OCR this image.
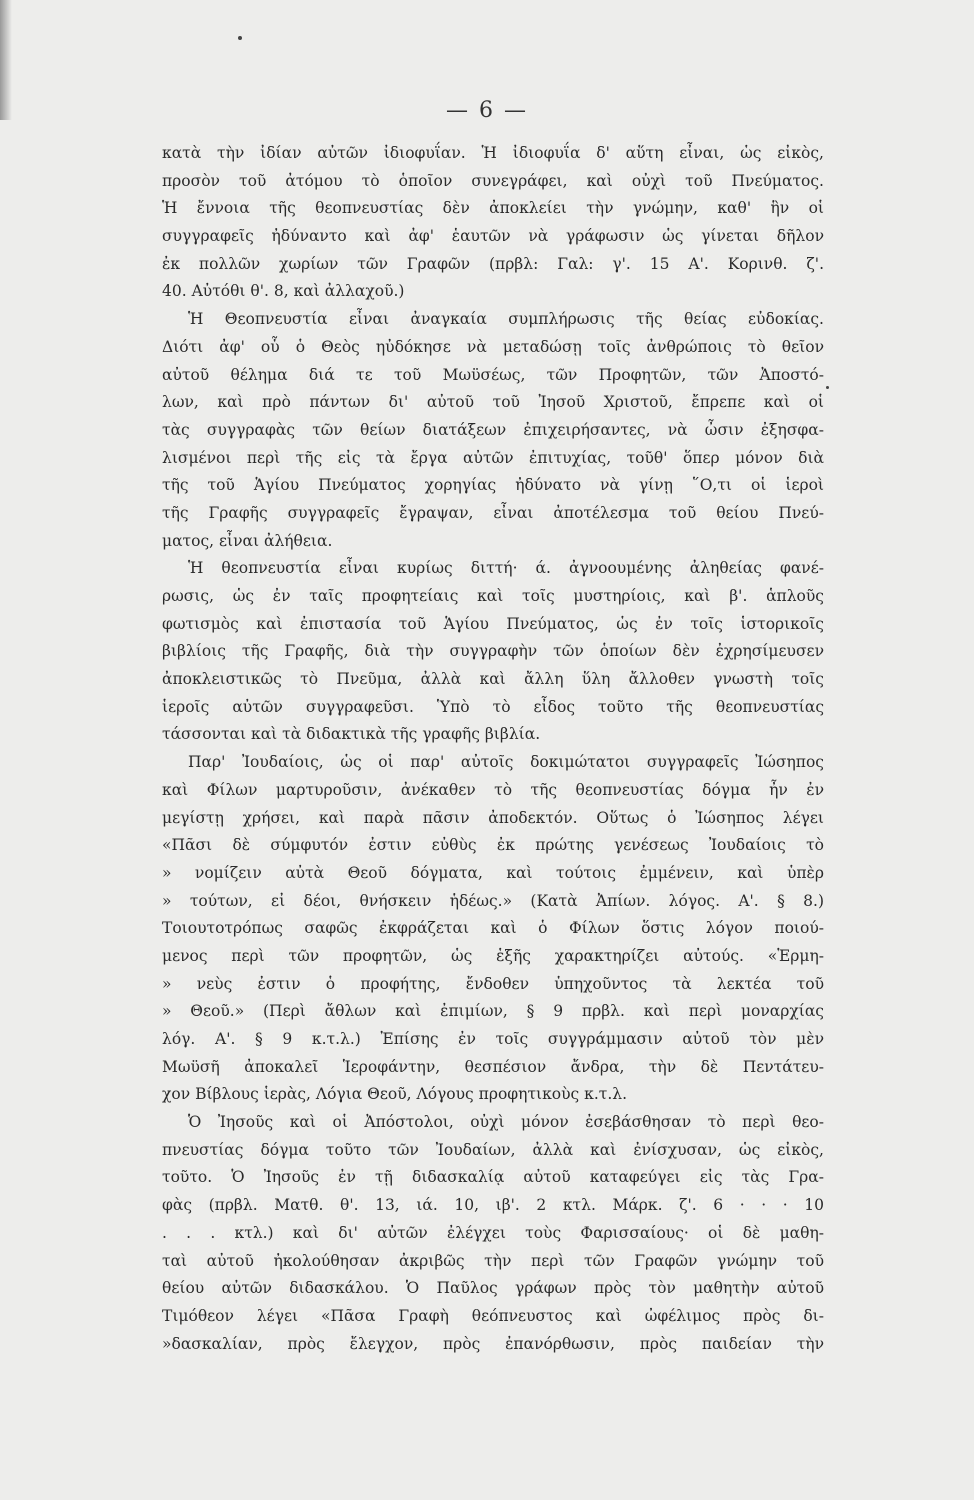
— 6 —
κατὰ τὴν ἰδίαν αὐτῶν ἰδιοφυΐαν. Ἡ ἰδιοφυΐα δ' αὕτη εἶναι, ὡς εἰκὸς,
προσὸν τοῦ ἀτόμου τὸ ὁποῖον συνεγράφει, καὶ οὐχὶ τοῦ Πνεύματος.
Ἡ ἔννοια τῆς θεοπνευστίας δὲν ἀποκλείει τὴν γνώμην, καθ' ἣν οἱ
συγγραφεῖς ἠδύναντο καὶ ἀφ' ἑαυτῶν νὰ γράφωσιν ὡς γίνεται δῆλον
ἐκ πολλῶν χωρίων τῶν Γραφῶν (πρβλ: Γαλ: γ'. 15 Α'. Κορινθ. ζ'.
40. Αὐτόθι θ'. 8, καὶ ἀλλαχοῦ.)
Ἡ Θεοπνευστία εἶναι ἀναγκαία συμπλήρωσις τῆς θείας εὐδοκίας.
Διότι ἀφ' οὗ ὁ Θεὸς ηὐδόκησε νὰ μεταδώσῃ τοῖς ἀνθρώποις τὸ θεῖον
αὐτοῦ θέλημα διά τε τοῦ Μωϋσέως, τῶν Προφητῶν, τῶν Ἀποστό-
λων, καὶ πρὸ πάντων δι' αὐτοῦ τοῦ Ἰησοῦ Χριστοῦ, ἔπρεπε καὶ οἱ
τὰς συγγραφὰς τῶν θείων διατάξεων ἐπιχειρήσαντες, νὰ ὦσιν ἐξησφα-
λισμένοι περὶ τῆς εἰς τὰ ἔργα αὐτῶν ἐπιτυχίας, τοῦθ' ὅπερ μόνον διὰ
τῆς τοῦ Ἁγίου Πνεύματος χορηγίας ἠδύνατο νὰ γίνῃ ῞Ο,τι οἱ ἱεροὶ
τῆς Γραφῆς συγγραφεῖς ἔγραψαν, εἶναι ἀποτέλεσμα τοῦ θείου Πνεύ-
ματος, εἶναι ἀλήθεια.
Ἡ θεοπνευστία εἶναι κυρίως διττή· ά. ἀγνοουμένης ἀληθείας φανέ-
ρωσις, ὡς ἐν ταῖς προφητείαις καὶ τοῖς μυστηρίοις, καὶ β'. ἁπλοῦς
φωτισμὸς καὶ ἐπιστασία τοῦ Ἁγίου Πνεύματος, ὡς ἐν τοῖς ἱστορικοῖς
βιβλίοις τῆς Γραφῆς, διὰ τὴν συγγραφὴν τῶν ὁποίων δὲν ἐχρησίμευσεν
ἀποκλειστικῶς τὸ Πνεῦμα, ἀλλὰ καὶ ἄλλη ὕλη ἄλλοθεν γνωστὴ τοῖς
ἱεροῖς αὐτῶν συγγραφεῦσι. Ὑπὸ τὸ εἶδος τοῦτο τῆς θεοπνευστίας
τάσσονται καὶ τὰ διδακτικὰ τῆς γραφῆς βιβλία.
Παρ' Ἰουδαίοις, ὡς οἱ παρ' αὐτοῖς δοκιμώτατοι συγγραφεῖς Ἰώσηπος
καὶ Φίλων μαρτυροῦσιν, ἀνέκαθεν τὸ τῆς θεοπνευστίας δόγμα ἦν ἐν
μεγίστῃ χρήσει, καὶ παρὰ πᾶσιν ἀποδεκτόν. Οὕτως ὁ Ἰώσηπος λέγει
«Πᾶσι δὲ σύμφυτόν ἐστιν εὐθὺς ἐκ πρώτης γενέσεως Ἰουδαίοις τὸ
» νομίζειν αὐτὰ Θεοῦ δόγματα, καὶ τούτοις ἐμμένειν, καὶ ὑπὲρ
» τούτων, εἰ δέοι, θνήσκειν ἡδέως.» (Κατὰ Ἀπίων. λόγος. Α'. § 8.)
Τοιουτοτρόπως σαφῶς ἐκφράζεται καὶ ὁ Φίλων ὅστις λόγον ποιού-
μενος περὶ τῶν προφητῶν, ὡς ἑξῆς χαρακτηρίζει αὐτούς. «Ἑρμη-
» νεὺς ἐστιν ὁ προφήτης, ἔνδοθεν ὑπηχοῦντος τὰ λεκτέα τοῦ
» Θεοῦ.» (Περὶ ἄθλων καὶ ἐπιμίων, § 9 πρβλ. καὶ περὶ μοναρχίας
λόγ. Α'. § 9 κ.τ.λ.) Ἐπίσης ἐν τοῖς συγγράμμασιν αὐτοῦ τὸν μὲν
Μωϋσῆ ἀποκαλεῖ Ἱεροφάντην, θεσπέσιον ἄνδρα, τὴν δὲ Πεντάτευ-
χον Βίβλους ἱερὰς, Λόγια Θεοῦ, Λόγους προφητικοὺς κ.τ.λ.
Ὁ Ἰησοῦς καὶ οἱ Ἀπόστολοι, οὐχὶ μόνον ἐσεβάσθησαν τὸ περὶ θεο-
πνευστίας δόγμα τοῦτο τῶν Ἰουδαίων, ἀλλὰ καὶ ἐνίσχυσαν, ὡς εἰκὸς,
τοῦτο. Ὁ Ἰησοῦς ἐν τῇ διδασκαλίᾳ αὐτοῦ καταφεύγει εἰς τὰς Γρα-
φὰς (πρβλ. Ματθ. θ'. 13, ιά. 10, ιβ'. 2 κτλ. Μάρκ. ζ'. 6 · · · 10
. . . κτλ.) καὶ δι' αὐτῶν ἐλέγχει τοὺς Φαρισσαίους· οἱ δὲ μαθη-
ταὶ αὐτοῦ ἠκολούθησαν ἀκριβῶς τὴν περὶ τῶν Γραφῶν γνώμην τοῦ
θείου αὐτῶν διδασκάλου. Ὁ Παῦλος γράφων πρὸς τὸν μαθητὴν αὐτοῦ
Τιμόθεον λέγει «Πᾶσα Γραφὴ θεόπνευστος καὶ ὠφέλιμος πρὸς δι-
»δασκαλίαν, πρὸς ἔλεγχον, πρὸς ἐπανόρθωσιν, πρὸς παιδείαν τὴν
